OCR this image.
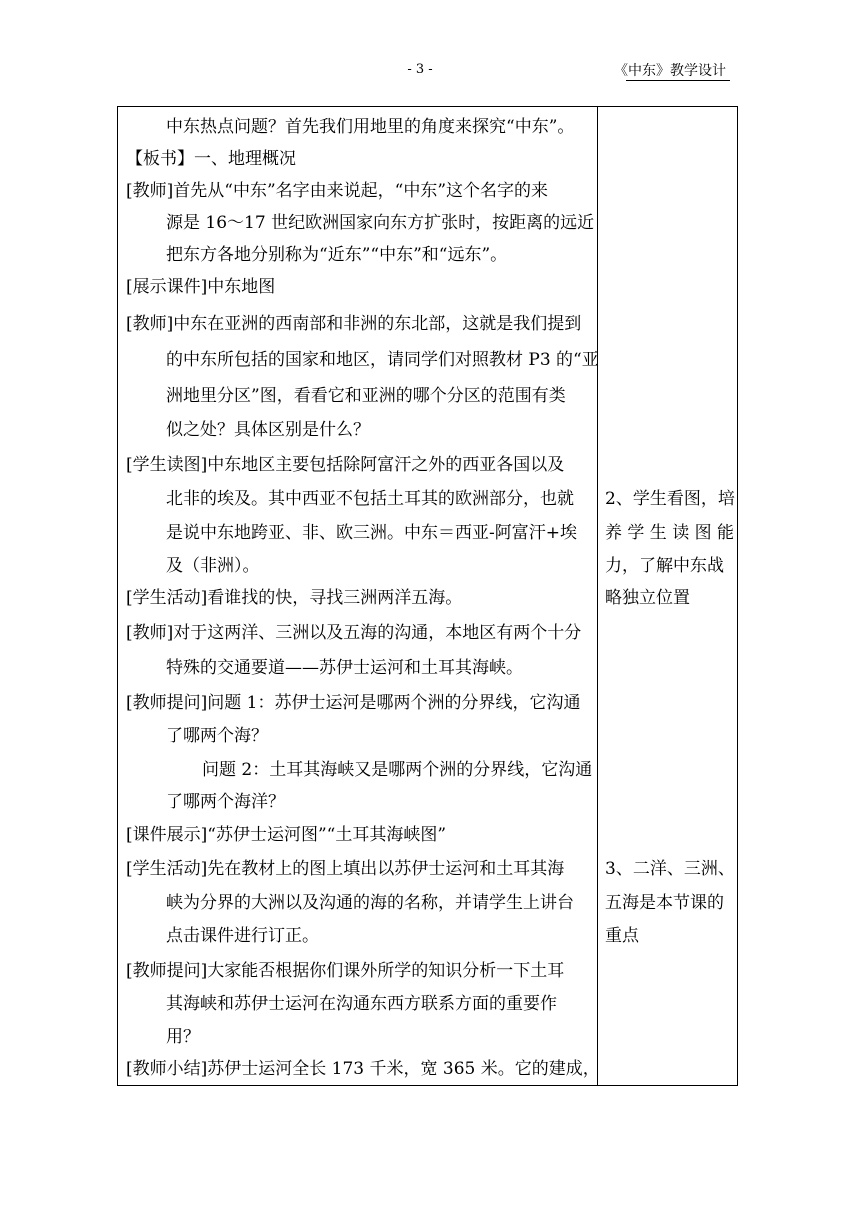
- 3 -	《中东》教学设计
中东热点问题？首先我们用地里的角度来探究“中东”。
【板书】一、地理概况
[教师]首先从“中东”名字由来说起，“中东”这个名字的来
源是 16～17 世纪欧洲国家向东方扩张时，按距离的远近
把东方各地分别称为“近东”“中东”和“远东”。
[展示课件]中东地图
[教师]中东在亚洲的西南部和非洲的东北部，这就是我们提到
的中东所包括的国家和地区，请同学们对照教材 P3 的“亚
洲地里分区”图，看看它和亚洲的哪个分区的范围有类
似之处？具体区别是什么？
[学生读图]中东地区主要包括除阿富汗之外的西亚各国以及
北非的埃及。其中西亚不包括土耳其的欧洲部分，也就
是说中东地跨亚、非、欧三洲。中东＝西亚-阿富汗+埃
及（非洲）。
[学生活动]看谁找的快，寻找三洲两洋五海。
[教师]对于这两洋、三洲以及五海的沟通，本地区有两个十分
特殊的交通要道——苏伊士运河和土耳其海峡。
[教师提问]问题 1：苏伊士运河是哪两个洲的分界线，它沟通
了哪两个海？
问题 2：土耳其海峡又是哪两个洲的分界线，它沟通
了哪两个海洋？
[课件展示]“苏伊士运河图”“土耳其海峡图”
[学生活动]先在教材上的图上填出以苏伊士运河和土耳其海
峡为分界的大洲以及沟通的海的名称，并请学生上讲台
点击课件进行订正。
[教师提问]大家能否根据你们课外所学的知识分析一下土耳
其海峡和苏伊士运河在沟通东西方联系方面的重要作
用？
[教师小结]苏伊士运河全长 173 千米，宽 365 米。它的建成，
2、学生看图，培
养 学 生 读 图 能
力，了解中东战
略独立位置
3、二洋、三洲、
五海是本节课的
重点
